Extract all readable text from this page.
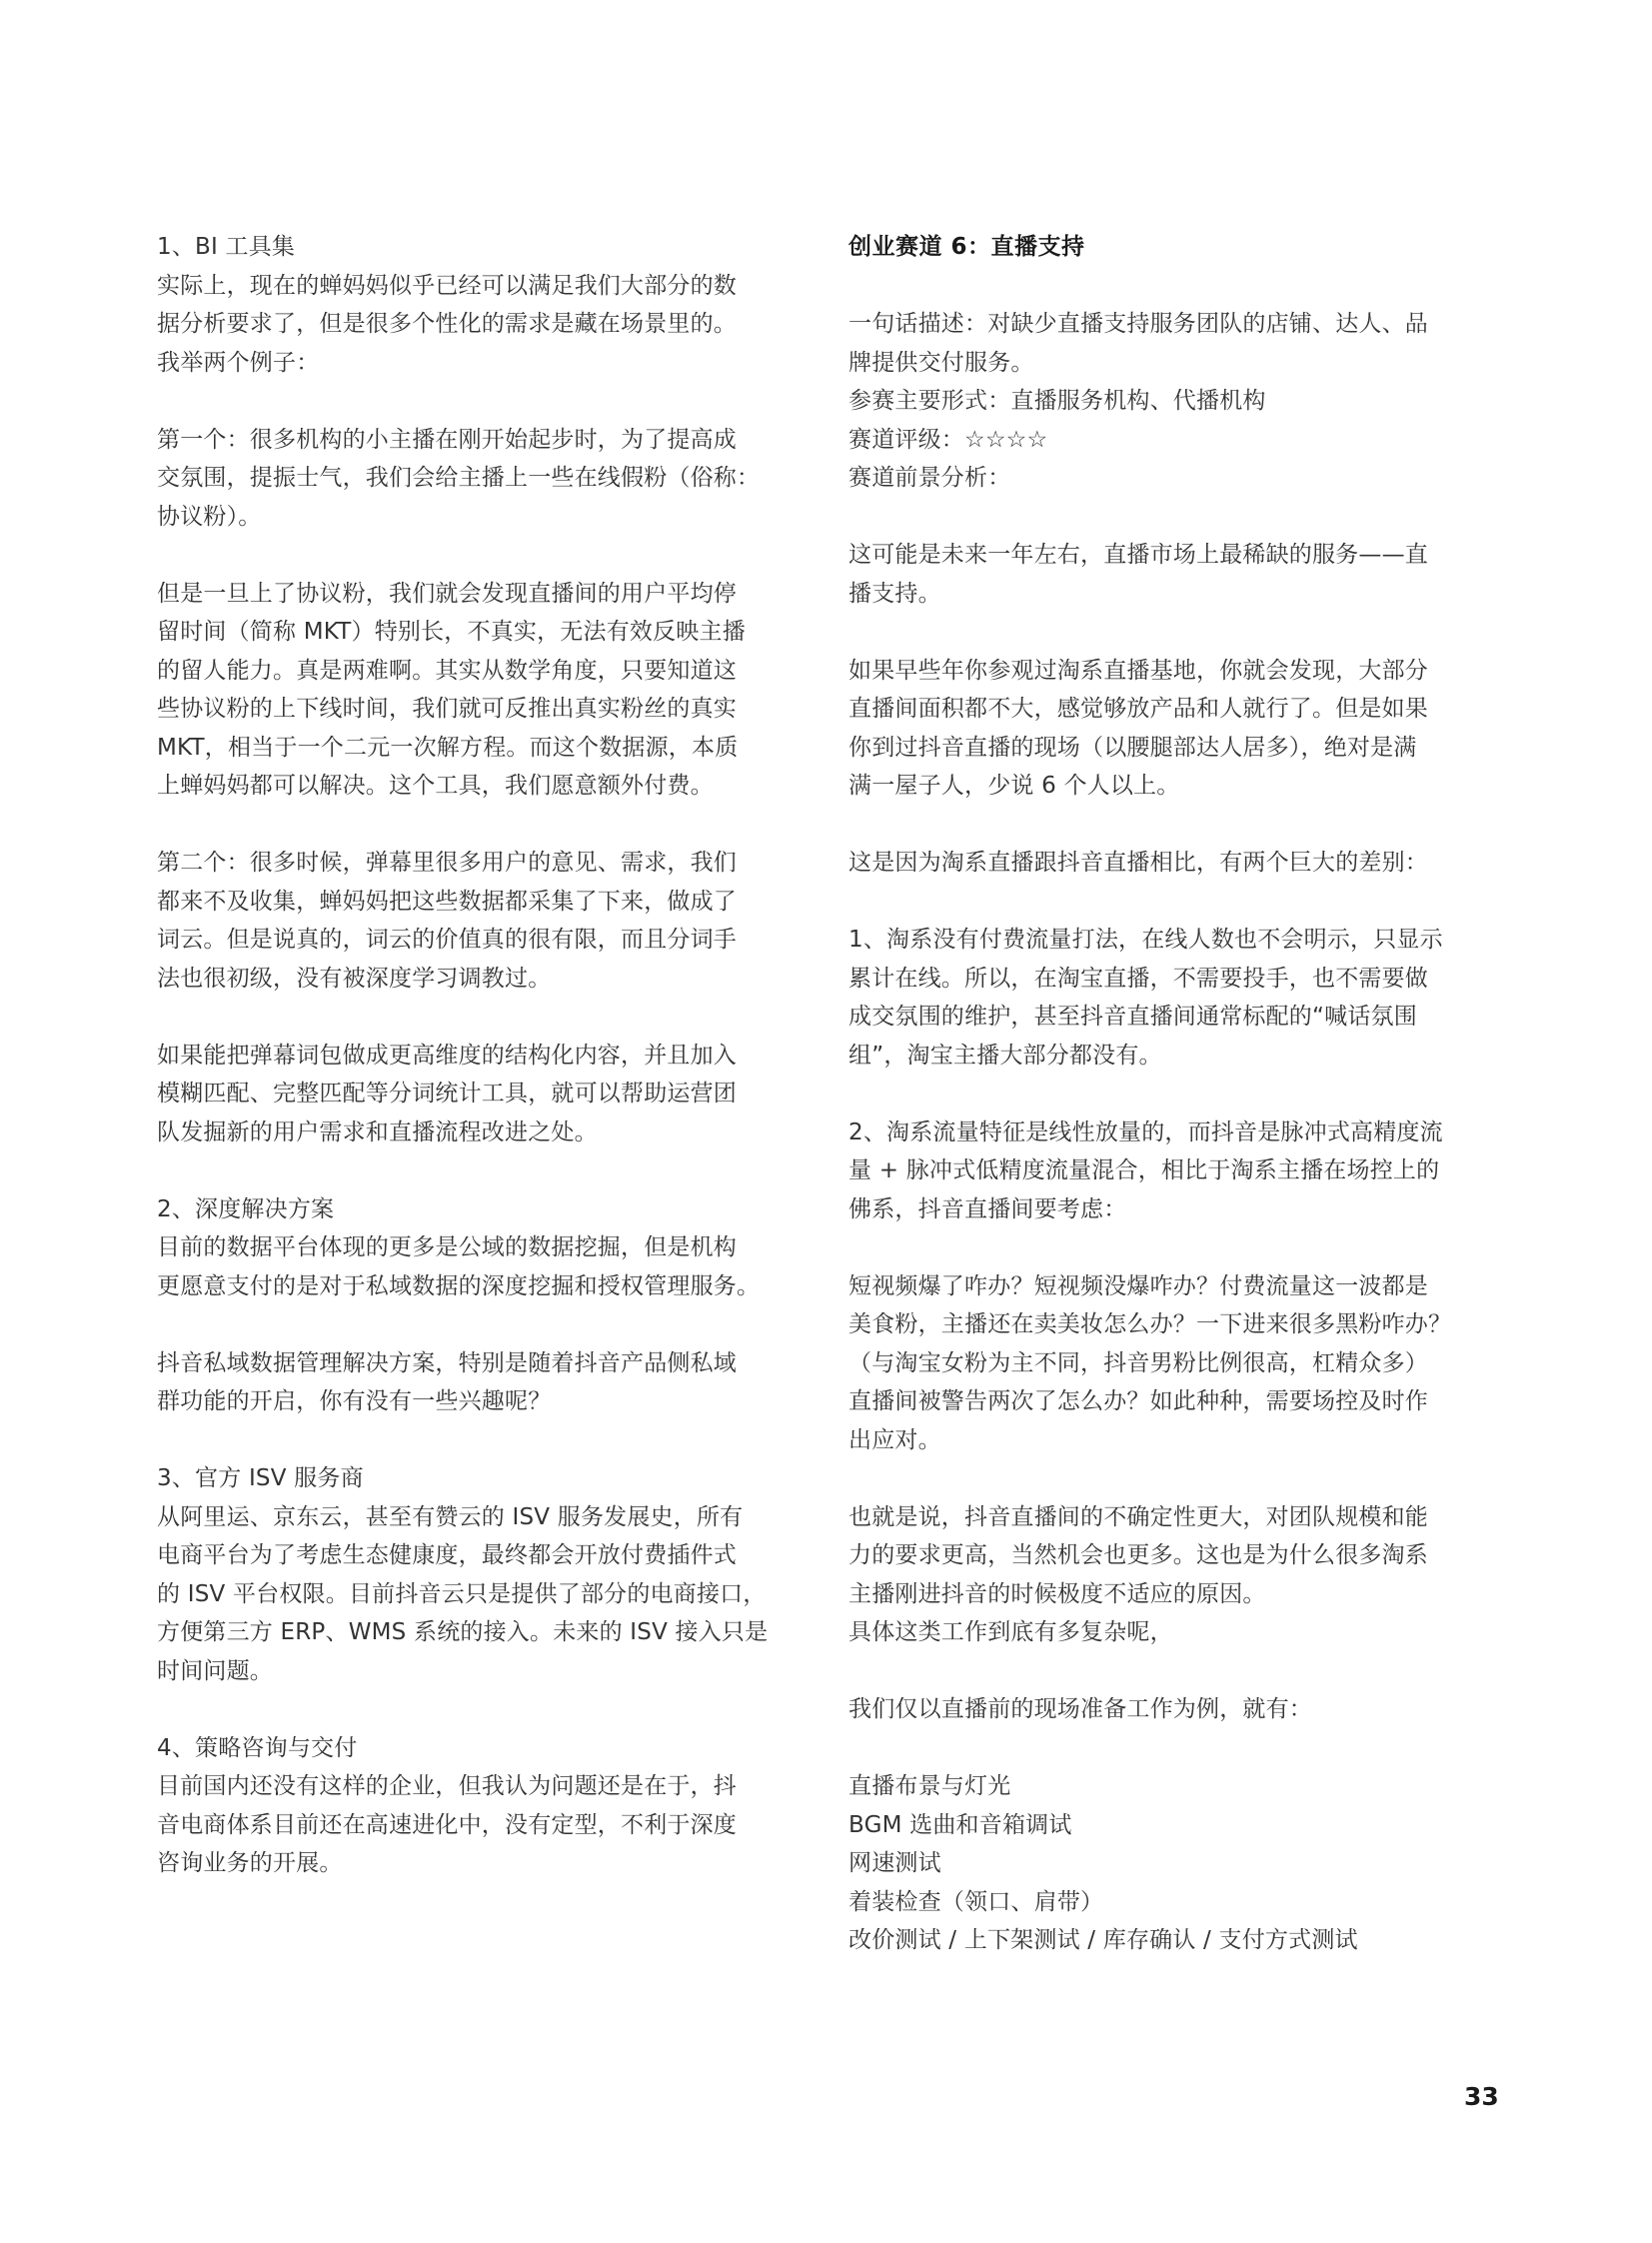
1、BI 工具集
实际上，现在的蝉妈妈似乎已经可以满足我们大部分的数
据分析要求了，但是很多个性化的需求是藏在场景里的。
我举两个例子：
第一个：很多机构的小主播在刚开始起步时，为了提高成
交氛围，提振士气，我们会给主播上一些在线假粉（俗称：
协议粉）。
但是一旦上了协议粉，我们就会发现直播间的用户平均停
留时间（简称 MKT）特别长，不真实，无法有效反映主播
的留人能力。真是两难啊。其实从数学角度，只要知道这
些协议粉的上下线时间，我们就可反推出真实粉丝的真实
MKT，相当于一个二元一次解方程。而这个数据源，本质
上蝉妈妈都可以解决。这个工具，我们愿意额外付费。
第二个：很多时候，弹幕里很多用户的意见、需求，我们
都来不及收集，蝉妈妈把这些数据都采集了下来，做成了
词云。但是说真的，词云的价值真的很有限，而且分词手
法也很初级，没有被深度学习调教过。
如果能把弹幕词包做成更高维度的结构化内容，并且加入
模糊匹配、完整匹配等分词统计工具，就可以帮助运营团
队发掘新的用户需求和直播流程改进之处。
2、深度解决方案
目前的数据平台体现的更多是公域的数据挖掘，但是机构
更愿意支付的是对于私域数据的深度挖掘和授权管理服务。
抖音私域数据管理解决方案，特别是随着抖音产品侧私域
群功能的开启，你有没有一些兴趣呢？
3、官方 ISV 服务商
从阿里运、京东云，甚至有赞云的 ISV 服务发展史，所有
电商平台为了考虑生态健康度，最终都会开放付费插件式
的 ISV 平台权限。目前抖音云只是提供了部分的电商接口，
方便第三方 ERP、WMS 系统的接入。未来的 ISV 接入只是
时间问题。
4、策略咨询与交付
目前国内还没有这样的企业，但我认为问题还是在于，抖
音电商体系目前还在高速进化中，没有定型，不利于深度
咨询业务的开展。
创业赛道 6：直播支持
一句话描述：对缺少直播支持服务团队的店铺、达人、品
牌提供交付服务。
参赛主要形式：直播服务机构、代播机构
赛道评级：☆☆☆☆
赛道前景分析：
这可能是未来一年左右，直播市场上最稀缺的服务——直
播支持。
如果早些年你参观过淘系直播基地，你就会发现，大部分
直播间面积都不大，感觉够放产品和人就行了。但是如果
你到过抖音直播的现场（以腰腿部达人居多），绝对是满
满一屋子人，少说 6 个人以上。
这是因为淘系直播跟抖音直播相比，有两个巨大的差别：
1、淘系没有付费流量打法，在线人数也不会明示，只显示
累计在线。所以，在淘宝直播，不需要投手，也不需要做
成交氛围的维护，甚至抖音直播间通常标配的“喊话氛围
组”，淘宝主播大部分都没有。
2、淘系流量特征是线性放量的，而抖音是脉冲式高精度流
量 + 脉冲式低精度流量混合，相比于淘系主播在场控上的
佛系，抖音直播间要考虑：
短视频爆了咋办？短视频没爆咋办？付费流量这一波都是
美食粉，主播还在卖美妆怎么办？一下进来很多黑粉咋办？
（与淘宝女粉为主不同，抖音男粉比例很高，杠精众多）
直播间被警告两次了怎么办？如此种种，需要场控及时作
出应对。
也就是说，抖音直播间的不确定性更大，对团队规模和能
力的要求更高，当然机会也更多。这也是为什么很多淘系
主播刚进抖音的时候极度不适应的原因。
具体这类工作到底有多复杂呢，
我们仅以直播前的现场准备工作为例，就有：
直播布景与灯光
BGM 选曲和音箱调试
网速测试
着装检查（领口、肩带）
改价测试 / 上下架测试 / 库存确认 / 支付方式测试
33
